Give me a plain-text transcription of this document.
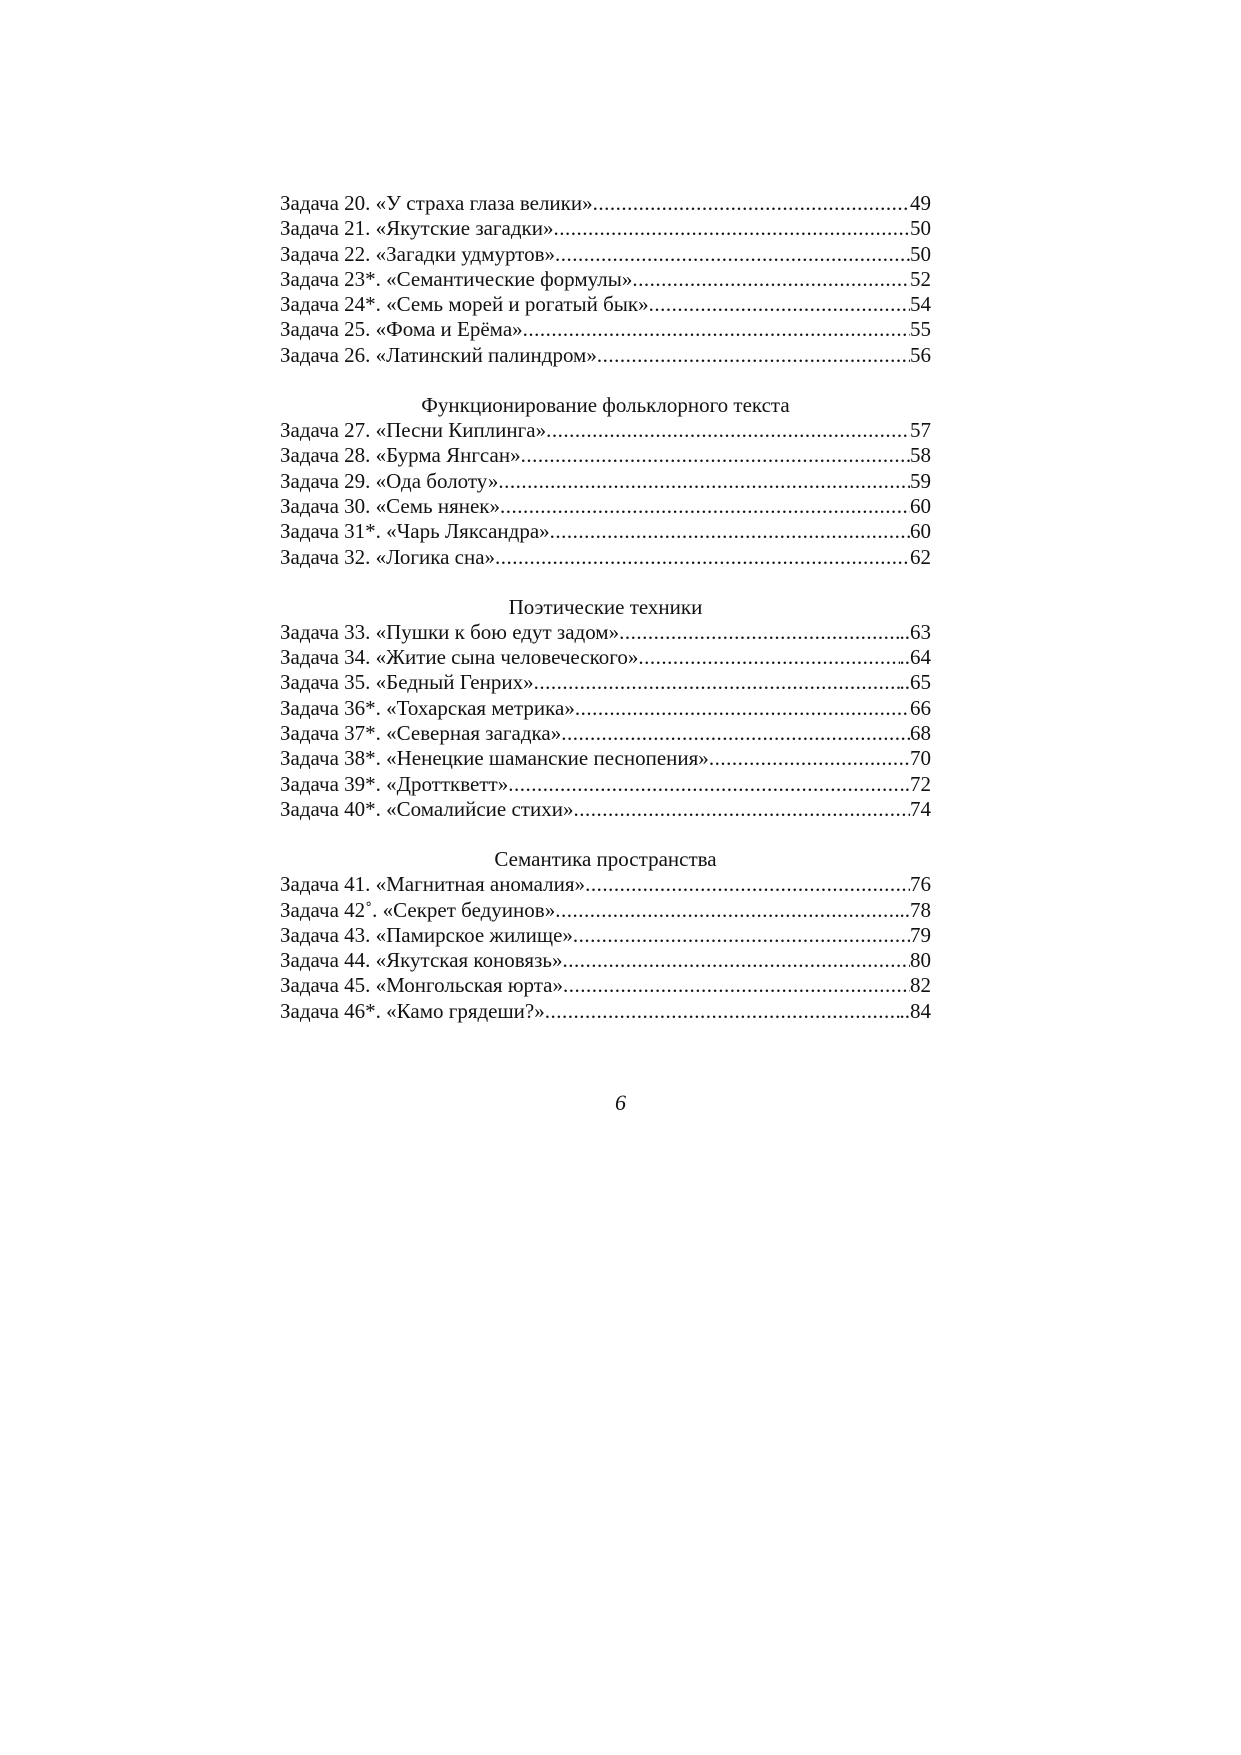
Задача 20. «У страха глаза велики» .....	49
Задача 21. «Якутские загадки» .....	50
Задача 22. «Загадки удмуртов» .....	50
Задача 23*. «Семантические формулы» .....	52
Задача 24*. «Семь морей и рогатый бык» .....	54
Задача 25. «Фома и Ерёма» .....	55
Задача 26. «Латинский палиндром» .....	56
Функционирование фольклорного текста
Задача 27. «Песни Киплинга» .....	57
Задача 28. «Бурма Янгсан» .....	58
Задача 29. «Ода болоту» .....	59
Задача 30. «Семь нянек» .....	60
Задача 31*. «Чарь Ляксандра» .....	60
Задача 32. «Логика сна» .....	62
Поэтические техники
Задача 33. «Пушки к бою едут задом» .....	..63
Задача 34. «Житие сына человеческого» .....	..64
Задача 35. «Бедный Генрих» .....	..65
Задача 36*. «Тохарская метрика» .....	66
Задача 37*. «Северная загадка» .....	68
Задача 38*. «Ненецкие шаманские песнопения» .....	70
Задача 39*. «Дротткветт» .....	..72
Задача 40*. «Сомалийсие стихи» .....	74
Семантика пространства
Задача 41. «Магнитная аномалия» .....	76
Задача 42˚. «Секрет бедуинов» .....	..78
Задача 43. «Памирское жилище» .....	79
Задача 44. «Якутская коновязь» .....	80
Задача 45. «Монгольская юрта» .....	82
Задача 46*. «Камо грядеши?» .....	..84
6
